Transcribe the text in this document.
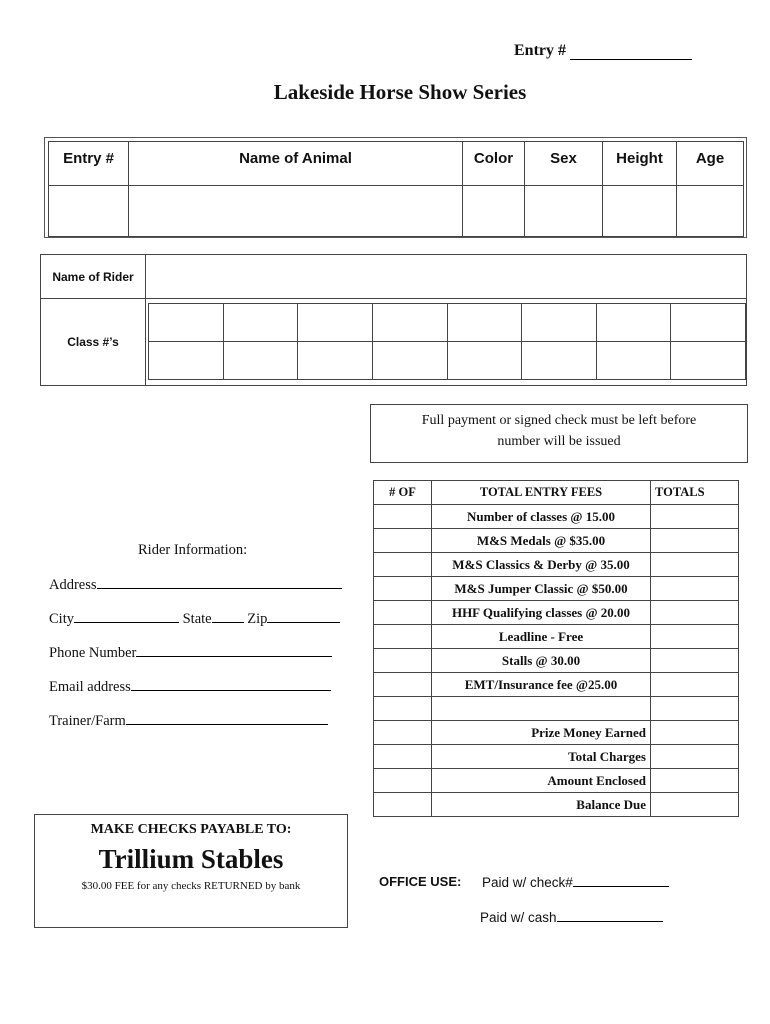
Entry #
Lakeside Horse Show Series
Entry #	Name of Animal	Color	Sex	Height	Age

Name of Rider	
Class #’s	

Full payment or signed check must be left before
number will be issued
# OF	TOTAL ENTRY FEES	TOTALS
	Number of classes @ 15.00	
	M&S Medals @ $35.00	
	M&S Classics & Derby @ 35.00	
	M&S Jumper Classic @ $50.00	
	HHF Qualifying classes @ 20.00	
	Leadline - Free	
	Stalls @ 30.00	
	EMT/Insurance fee @25.00	

	Prize Money Earned	
	Total Charges	
	Amount Enclosed	
	Balance Due	
Rider Information:
Address
City	State Zip
Phone Number
Email address
Trainer/Farm
MAKE CHECKS PAYABLE TO:
Trillium Stables
$30.00 FEE for any checks RETURNED by bank	OFFICE USE: Paid w/ check#
Paid w/ cash
